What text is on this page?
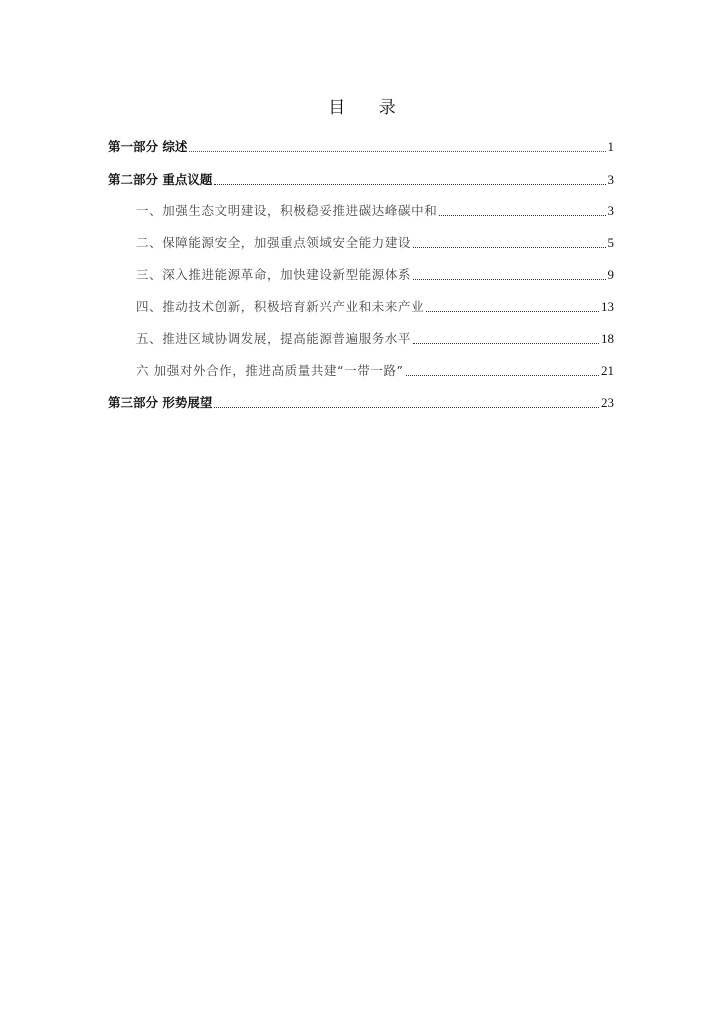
目 录
第一部分 综述	1
第二部分 重点议题	3
一、加强生态文明建设，积极稳妥推进碳达峰碳中和	3
二、保障能源安全，加强重点领域安全能力建设	5
三、深入推进能源革命，加快建设新型能源体系	9
四、推动技术创新，积极培育新兴产业和未来产业	13
五、推进区域协调发展，提高能源普遍服务水平	18
六 加强对外合作，推进高质量共建“一带一路”	21
第三部分 形势展望	23
